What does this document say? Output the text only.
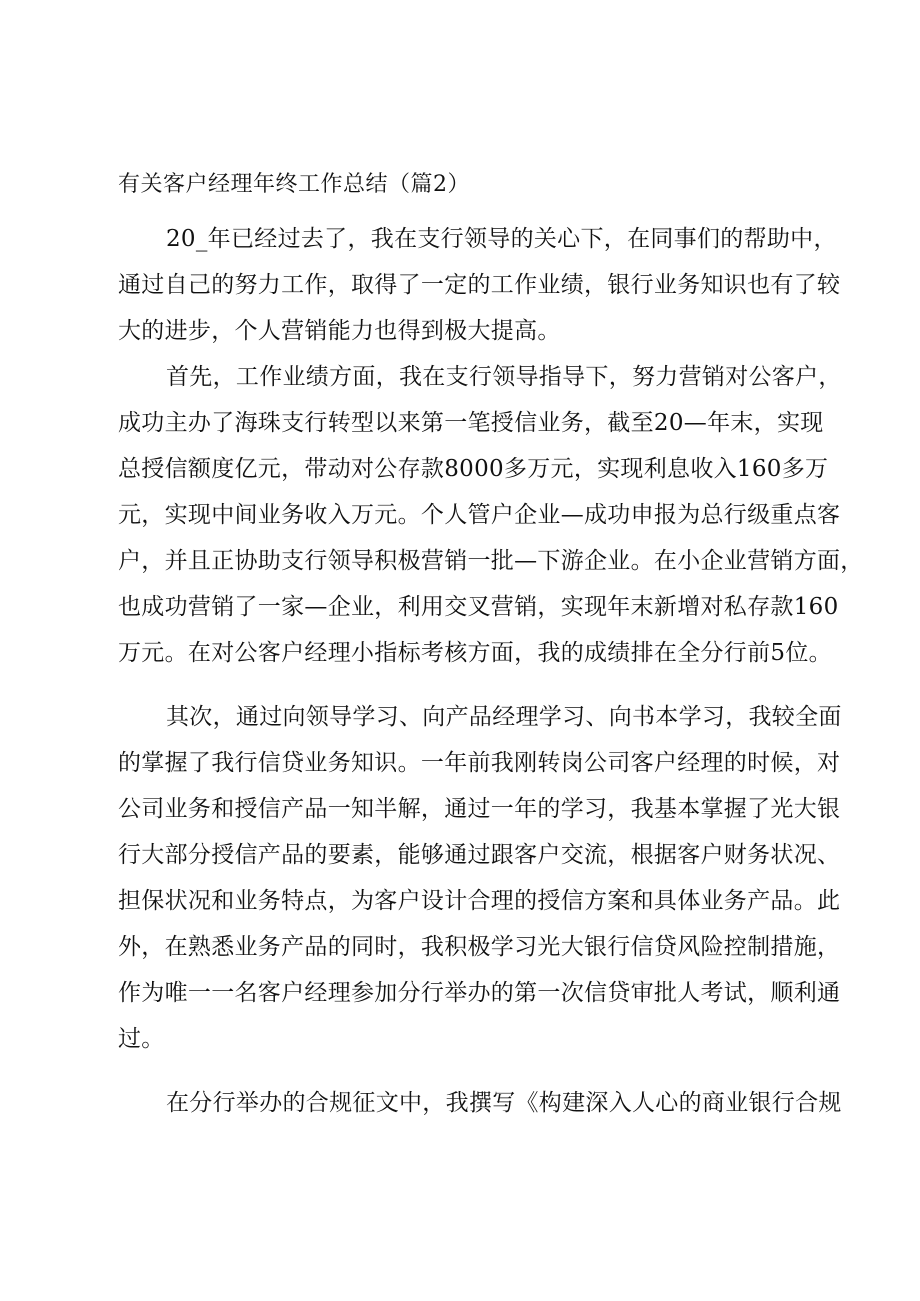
有关客户经理年终工作总结（篇2）
20_年已经过去了，我在支行领导的关心下，在同事们的帮助中，
通过自己的努力工作，取得了一定的工作业绩，银行业务知识也有了较
大的进步，个人营销能力也得到极大提高。
首先，工作业绩方面，我在支行领导指导下，努力营销对公客户，
成功主办了海珠支行转型以来第一笔授信业务，截至20—年末，实现
总授信额度亿元，带动对公存款8000多万元，实现利息收入160多万
元，实现中间业务收入万元。个人管户企业—成功申报为总行级重点客
户，并且正协助支行领导积极营销一批—下游企业。在小企业营销方面，
也成功营销了一家—企业，利用交叉营销，实现年末新增对私存款160
万元。在对公客户经理小指标考核方面，我的成绩排在全分行前5位。
其次，通过向领导学习、向产品经理学习、向书本学习，我较全面
的掌握了我行信贷业务知识。一年前我刚转岗公司客户经理的时候，对
公司业务和授信产品一知半解，通过一年的学习，我基本掌握了光大银
行大部分授信产品的要素，能够通过跟客户交流，根据客户财务状况、
担保状况和业务特点，为客户设计合理的授信方案和具体业务产品。此
外，在熟悉业务产品的同时，我积极学习光大银行信贷风险控制措施，
作为唯一一名客户经理参加分行举办的第一次信贷审批人考试，顺利通
过。
在分行举办的合规征文中，我撰写《构建深入人心的商业银行合规
